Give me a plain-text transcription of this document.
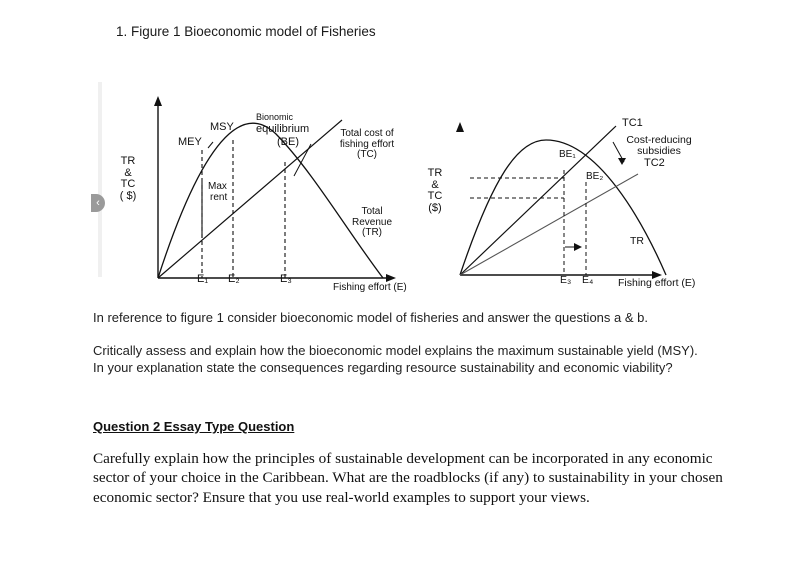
1. Figure 1 Bioeconomic model of Fisheries
TR
&
TC
( $)
MEY
MSY
Bionomic
equilibrium
(BE)
Total cost of
fishing effort
(TC)
Max
rent
Total
Revenue
(TR)
E₁ E₂	E₃
Fishing effort (E)
TR
&
TC
($)
BE₁
BE₂
TC1
Cost-reducing
subsidies
TC2
TR
E₃ E₄ Fishing effort (E)
‹
In reference to figure 1 consider bioeconomic model of fisheries and answer the questions a & b.
Critically assess and explain how the bioeconomic model explains the maximum sustainable yield (MSY).
In your explanation state the consequences regarding resource sustainability and economic viability?
Question 2 Essay Type Question
Carefully explain how the principles of sustainable development can be incorporated in any economic sector of your choice in the Caribbean. What are the roadblocks (if any) to sustainability in your chosen economic sector? Ensure that you use real-world examples to support your views.
